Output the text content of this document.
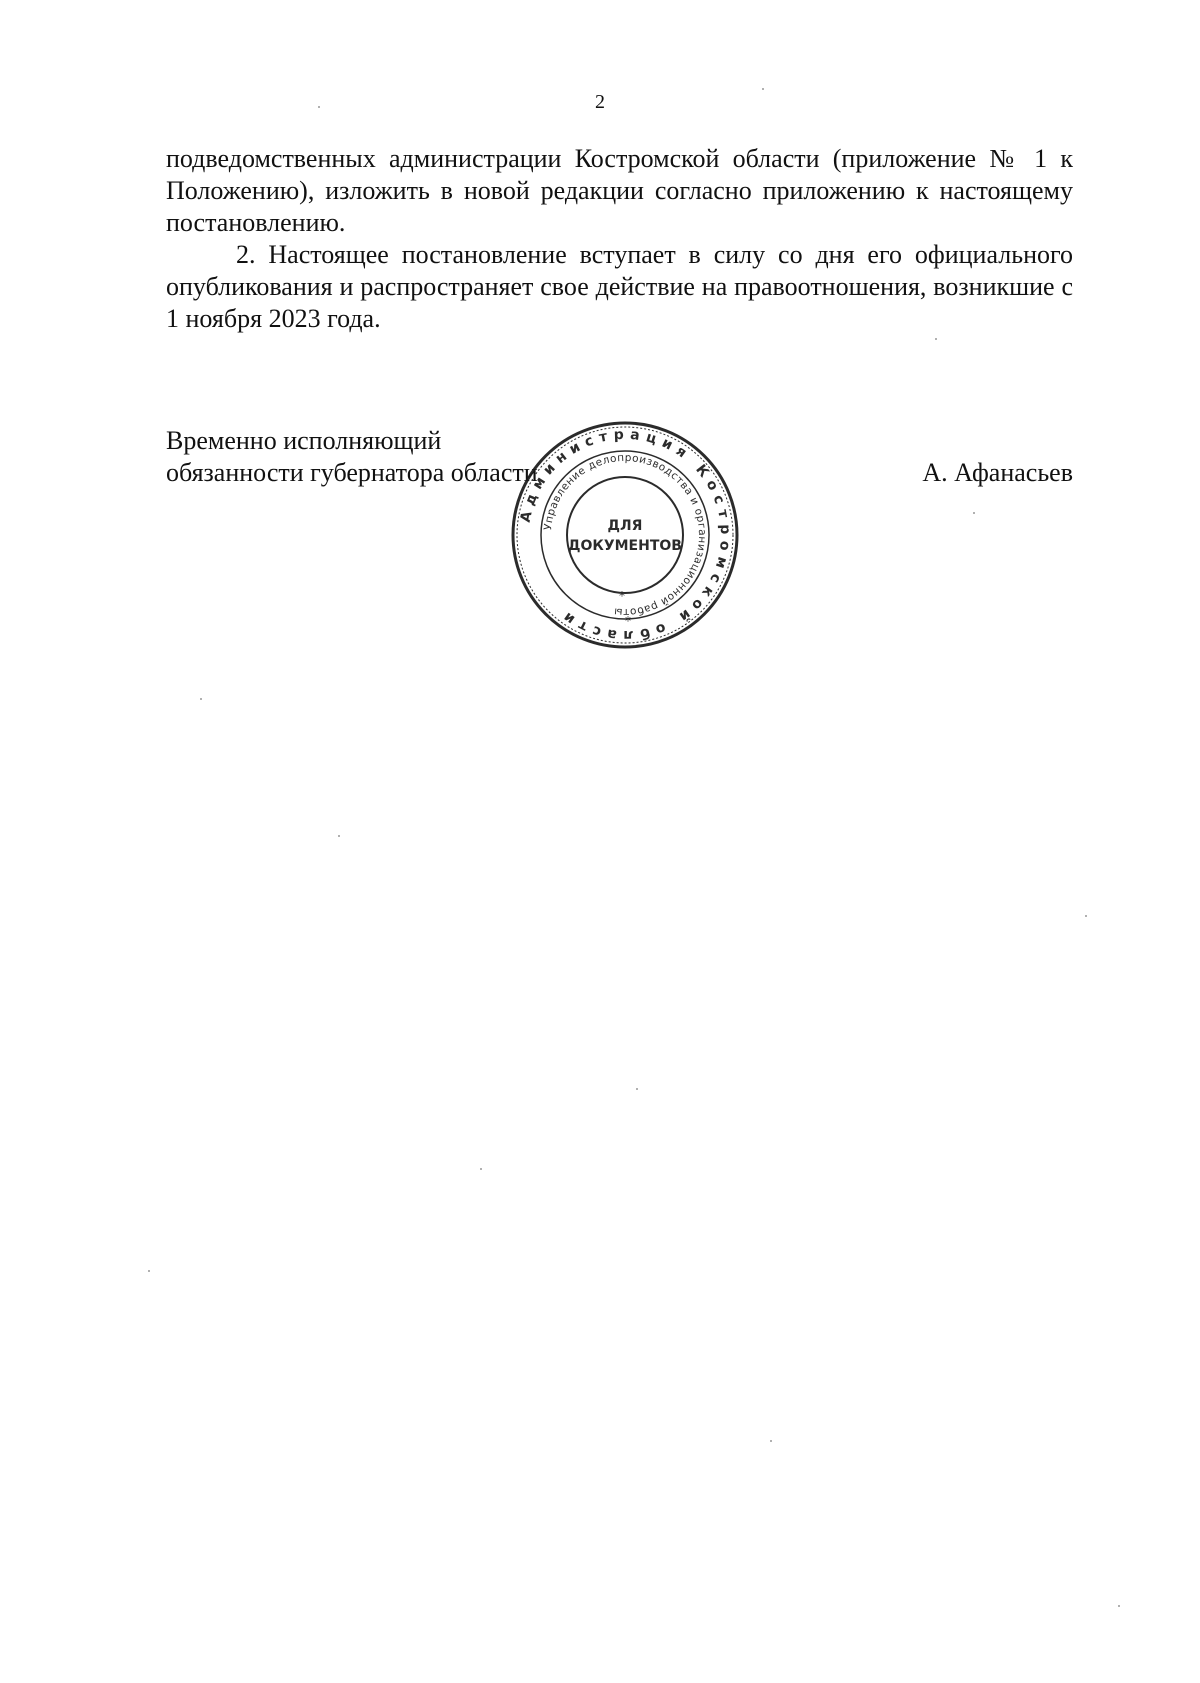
2

подведомственных администрации Костромской области (приложение № 1 к Положению), изложить в новой редакции согласно приложению к настоящему постановлению.

2. Настоящее постановление вступает в силу со дня его официального опубликования и распространяет свое действие на правоотношения, возникшие с 1 ноября 2023 года.

Временно исполняющий
обязанности губернатора области	А. Афанасьев
Администрация Костромской области
Управление делопроизводства и организационной работы
ДЛЯ
ДОКУМЕНТОВ
*
*
